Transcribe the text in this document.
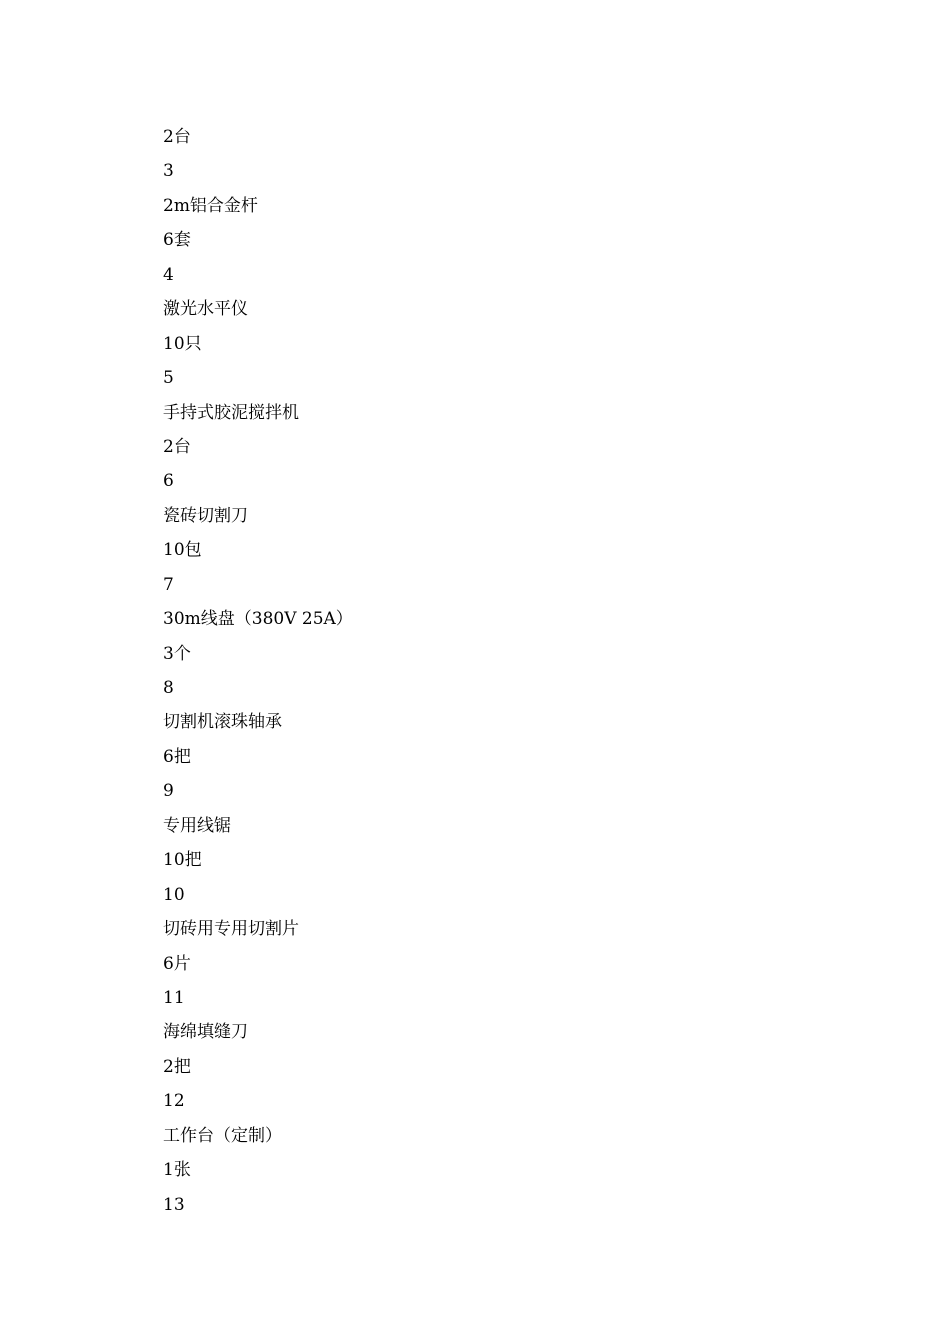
2台
3
2m铝合金杆
6套
4
激光水平仪
10只
5
手持式胶泥搅拌机
2台
6
瓷砖切割刀
10包
7
30m线盘（380V 25A）
3个
8
切割机滚珠轴承
6把
9
专用线锯
10把
10
切砖用专用切割片
6片
11
海绵填缝刀
2把
12
工作台（定制）
1张
13
